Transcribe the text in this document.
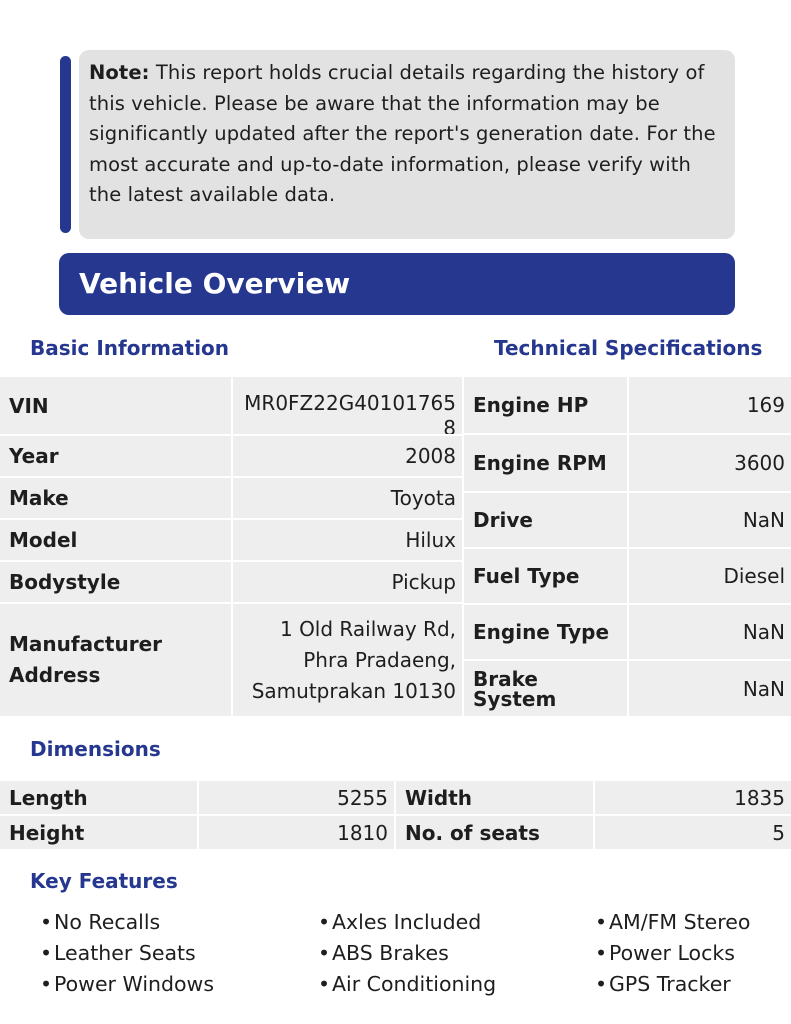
Note: This report holds crucial details regarding the history of this vehicle. Please be aware that the information may be significantly updated after the report's generation date. For the most accurate and up-to-date information, please verify with the latest available data.
Vehicle Overview
Basic Information	Technical Specifications
VIN	MR0FZ22G401017658
Year	2008
Make	Toyota
Model	Hilux
Bodystyle	Pickup
Manufacturer Address
1 Old Railway Rd, Phra Pradaeng, Samutprakan 10130
Engine HP	169
Engine RPM	3600
Drive	NaN
Fuel Type	Diesel
Engine Type	NaN
Brake System	NaN
Dimensions
Length	5255 Width	1835
Height	1810 No. of seats	5
Key Features
•No Recalls
•Leather Seats
•Power Windows
•Axles Included
•ABS Brakes
•Air Conditioning
•AM/FM Stereo
•Power Locks
•GPS Tracker
